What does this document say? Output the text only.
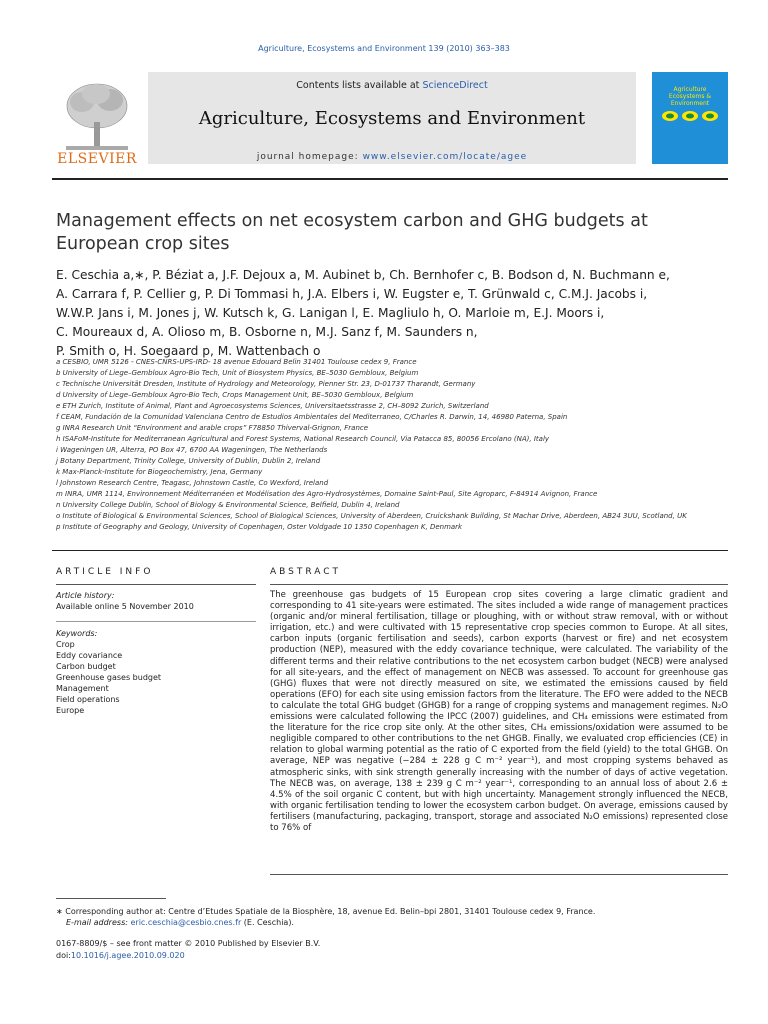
Agriculture, Ecosystems and Environment 139 (2010) 363–383
ELSEVIER
Contents lists available at ScienceDirect
Agriculture, Ecosystems and Environment
journal homepage: www.elsevier.com/locate/agee
Agriculture Ecosystems & Environment
Management effects on net ecosystem carbon and GHG budgets at
European crop sites
E. Ceschia a,∗, P. Béziat a, J.F. Dejoux a, M. Aubinet b, Ch. Bernhofer c, B. Bodson d, N. Buchmann e,
A. Carrara f, P. Cellier g, P. Di Tommasi h, J.A. Elbers i, W. Eugster e, T. Grünwald c, C.M.J. Jacobs i,
W.W.P. Jans i, M. Jones j, W. Kutsch k, G. Lanigan l, E. Magliulo h, O. Marloie m, E.J. Moors i,
C. Moureaux d, A. Olioso m, B. Osborne n, M.J. Sanz f, M. Saunders n,
P. Smith o, H. Soegaard p, M. Wattenbach o
a CESBIO, UMR 5126 - CNES-CNRS-UPS-IRD- 18 avenue Edouard Belin 31401 Toulouse cedex 9, France
b University of Liege–Gembloux Agro-Bio Tech, Unit of Biosystem Physics, BE–5030 Gembloux, Belgium
c Technische Universität Dresden, Institute of Hydrology and Meteorology, Pienner Str. 23, D-01737 Tharandt, Germany
d University of Liege–Gembloux Agro-Bio Tech, Crops Management Unit, BE–5030 Gembloux, Belgium
e ETH Zurich, Institute of Animal, Plant and Agroecosystems Sciences, Universitaetsstrasse 2, CH–8092 Zurich, Switzerland
f CEAM, Fundación de la Comunidad Valenciana Centro de Estudios Ambientales del Mediterraneo, C/Charles R. Darwin, 14, 46980 Paterna, Spain
g INRA Research Unit “Environment and arable crops” F78850 Thiverval-Grignon, France
h ISAFoM-Institute for Mediterranean Agricultural and Forest Systems, National Research Council, Via Patacca 85, 80056 Ercolano (NA), Italy
i Wageningen UR, Alterra, PO Box 47, 6700 AA Wageningen, The Netherlands
j Botany Department, Trinity College, University of Dublin, Dublin 2, Ireland
k Max-Planck-Institute for Biogeochemistry, Jena, Germany
l Johnstown Research Centre, Teagasc, Johnstown Castle, Co Wexford, Ireland
m INRA, UMR 1114, Environnement Méditerranéen et Modélisation des Agro-Hydrosystèmes, Domaine Saint-Paul, Site Agroparc, F-84914 Avignon, France
n University College Dublin, School of Biology & Environmental Science, Belfield, Dublin 4, Ireland
o Institute of Biological & Environmental Sciences, School of Biological Sciences, University of Aberdeen, Cruickshank Building, St Machar Drive, Aberdeen, AB24 3UU, Scotland, UK
p Institute of Geography and Geology, University of Copenhagen, Oster Voldgade 10 1350 Copenhagen K, Denmark
ARTICLE INFO	ABSTRACT
Article history:
Available online 5 November 2010
Keywords:
Crop
Eddy covariance
Carbon budget
Greenhouse gases budget
Management
Field operations
Europe

The greenhouse gas budgets of 15 European crop sites covering a large climatic gradient and corresponding to 41 site-years were estimated. The sites included a wide range of management practices (organic and/or mineral fertilisation, tillage or ploughing, with or without straw removal, with or without irrigation, etc.) and were cultivated with 15 representative crop species common to Europe. At all sites, carbon inputs (organic fertilisation and seeds), carbon exports (harvest or fire) and net ecosystem production (NEP), measured with the eddy covariance technique, were calculated. The variability of the different terms and their relative contributions to the net ecosystem carbon budget (NECB) were analysed for all site-years, and the effect of management on NECB was assessed. To account for greenhouse gas (GHG) fluxes that were not directly measured on site, we estimated the emissions caused by field operations (EFO) for each site using emission factors from the literature. The EFO were added to the NECB to calculate the total GHG budget (GHGB) for a range of cropping systems and management regimes. N₂O emissions were calculated following the IPCC (2007) guidelines, and CH₄ emissions were estimated from the literature for the rice crop site only. At the other sites, CH₄ emissions/oxidation were assumed to be negligible compared to other contributions to the net GHGB. Finally, we evaluated crop efficiencies (CE) in relation to global warming potential as the ratio of C exported from the field (yield) to the total GHGB. On average, NEP was negative (−284 ± 228 g C m⁻² year⁻¹), and most cropping systems behaved as atmospheric sinks, with sink strength generally increasing with the number of days of active vegetation. The NECB was, on average, 138 ± 239 g C m⁻² year⁻¹, corresponding to an annual loss of about 2.6 ± 4.5% of the soil organic C content, but with high uncertainty. Management strongly influenced the NECB, with organic fertilisation tending to lower the ecosystem carbon budget. On average, emissions caused by fertilisers (manufacturing, packaging, transport, storage and associated N₂O emissions) represented close to 76% of

∗ Corresponding author at: Centre d’Etudes Spatiale de la Biosphère, 18, avenue Ed. Belin–bpi 2801, 31401 Toulouse cedex 9, France.
E-mail address: eric.ceschia@cesbio.cnes.fr (E. Ceschia).
0167-8809/$ – see front matter © 2010 Published by Elsevier B.V.
doi:10.1016/j.agee.2010.09.020
